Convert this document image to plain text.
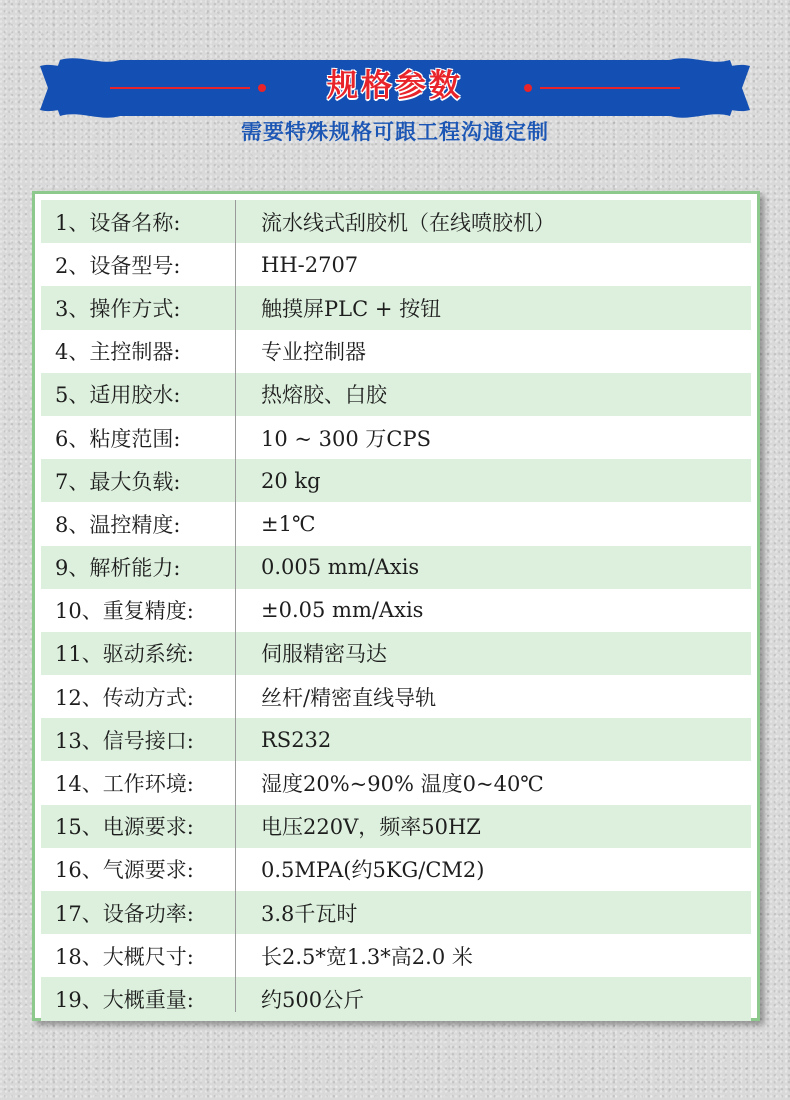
规格参数
需要特殊规格可跟工程沟通定制
1、设备名称:	流水线式刮胶机（在线喷胶机）
2、设备型号:	HH-2707
3、操作方式:	触摸屏PLC + 按钮
4、主控制器:	专业控制器
5、适用胶水:	热熔胶、白胶
6、粘度范围:	10 ~ 300 万CPS
7、最大负载:	20 kg
8、温控精度:	±1℃
9、解析能力:	0.005 mm/Axis
10、重复精度:	±0.05 mm/Axis
11、驱动系统:	伺服精密马达
12、传动方式:	丝杆/精密直线导轨
13、信号接口:	RS232
14、工作环境:	湿度20%~90% 温度0~40℃
15、电源要求:	电压220V，频率50HZ
16、气源要求:	0.5MPA(约5KG/CM2)
17、设备功率:	3.8千瓦时
18、大概尺寸:	长2.5*宽1.3*高2.0 米
19、大概重量:	约500公斤
